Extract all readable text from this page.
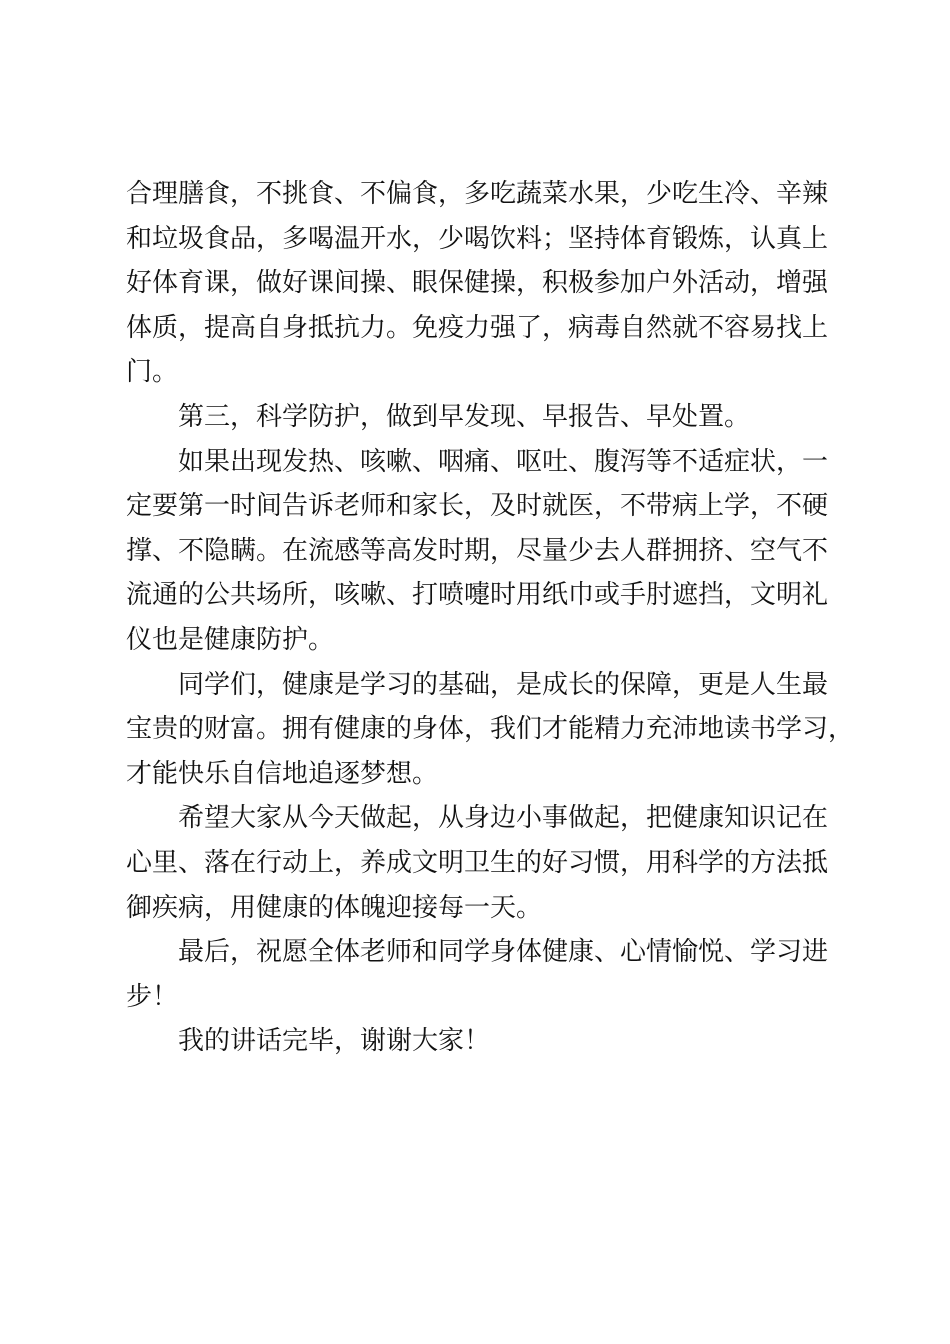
合理膳食，不挑食、不偏食，多吃蔬菜水果，少吃生冷、辛辣
和垃圾食品，多喝温开水，少喝饮料；坚持体育锻炼，认真上
好体育课，做好课间操、眼保健操，积极参加户外活动，增强
体质，提高自身抵抗力。免疫力强了，病毒自然就不容易找上
门。
第三，科学防护，做到早发现、早报告、早处置。
如果出现发热、咳嗽、咽痛、呕吐、腹泻等不适症状，一
定要第一时间告诉老师和家长，及时就医，不带病上学，不硬
撑、不隐瞒。在流感等高发时期，尽量少去人群拥挤、空气不
流通的公共场所，咳嗽、打喷嚏时用纸巾或手肘遮挡，文明礼
仪也是健康防护。
同学们，健康是学习的基础，是成长的保障，更是人生最
宝贵的财富。拥有健康的身体，我们才能精力充沛地读书学习，
才能快乐自信地追逐梦想。
希望大家从今天做起，从身边小事做起，把健康知识记在
心里、落在行动上，养成文明卫生的好习惯，用科学的方法抵
御疾病，用健康的体魄迎接每一天。
最后，祝愿全体老师和同学身体健康、心情愉悦、学习进
步！
我的讲话完毕，谢谢大家！
